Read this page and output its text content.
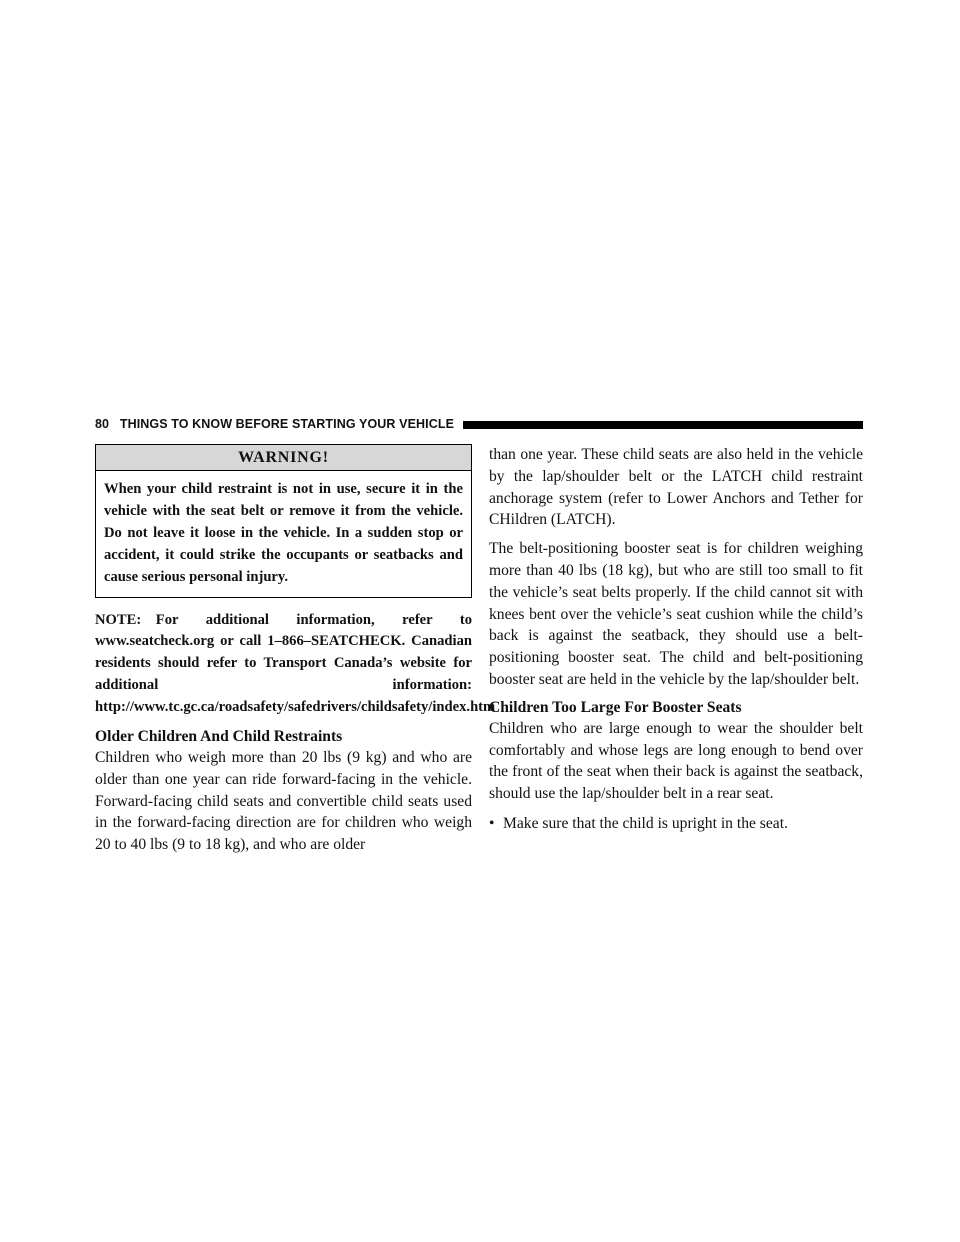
80 THINGS TO KNOW BEFORE STARTING YOUR VEHICLE
WARNING!
When your child restraint is not in use, secure it in the vehicle with the seat belt or remove it from the vehicle. Do not leave it loose in the vehicle. In a sudden stop or accident, it could strike the occupants or seatbacks and cause serious personal injury.
NOTE: For additional information, refer to www.seatcheck.org or call 1–866–SEATCHECK. Canadian residents should refer to Transport Canada’s website for additional information: http://www.tc.gc.ca/roadsafety/safedrivers/childsafety/index.htm
Older Children And Child Restraints

Children who weigh more than 20 lbs (9 kg) and who are older than one year can ride forward-facing in the vehicle. Forward-facing child seats and convertible child seats used in the forward-facing direction are for children who weigh 20 to 40 lbs (9 to 18 kg), and who are older

than one year. These child seats are also held in the vehicle by the lap/shoulder belt or the LATCH child restraint anchorage system (refer to Lower Anchors and Tether for CHildren (LATCH).

The belt-positioning booster seat is for children weighing more than 40 lbs (18 kg), but who are still too small to fit the vehicle’s seat belts properly. If the child cannot sit with knees bent over the vehicle’s seat cushion while the child’s back is against the seatback, they should use a belt-positioning booster seat. The child and belt-positioning booster seat are held in the vehicle by the lap/shoulder belt.

Children Too Large For Booster Seats

Children who are large enough to wear the shoulder belt comfortably and whose legs are long enough to bend over the front of the seat when their back is against the seatback, should use the lap/shoulder belt in a rear seat.

• Make sure that the child is upright in the seat.
